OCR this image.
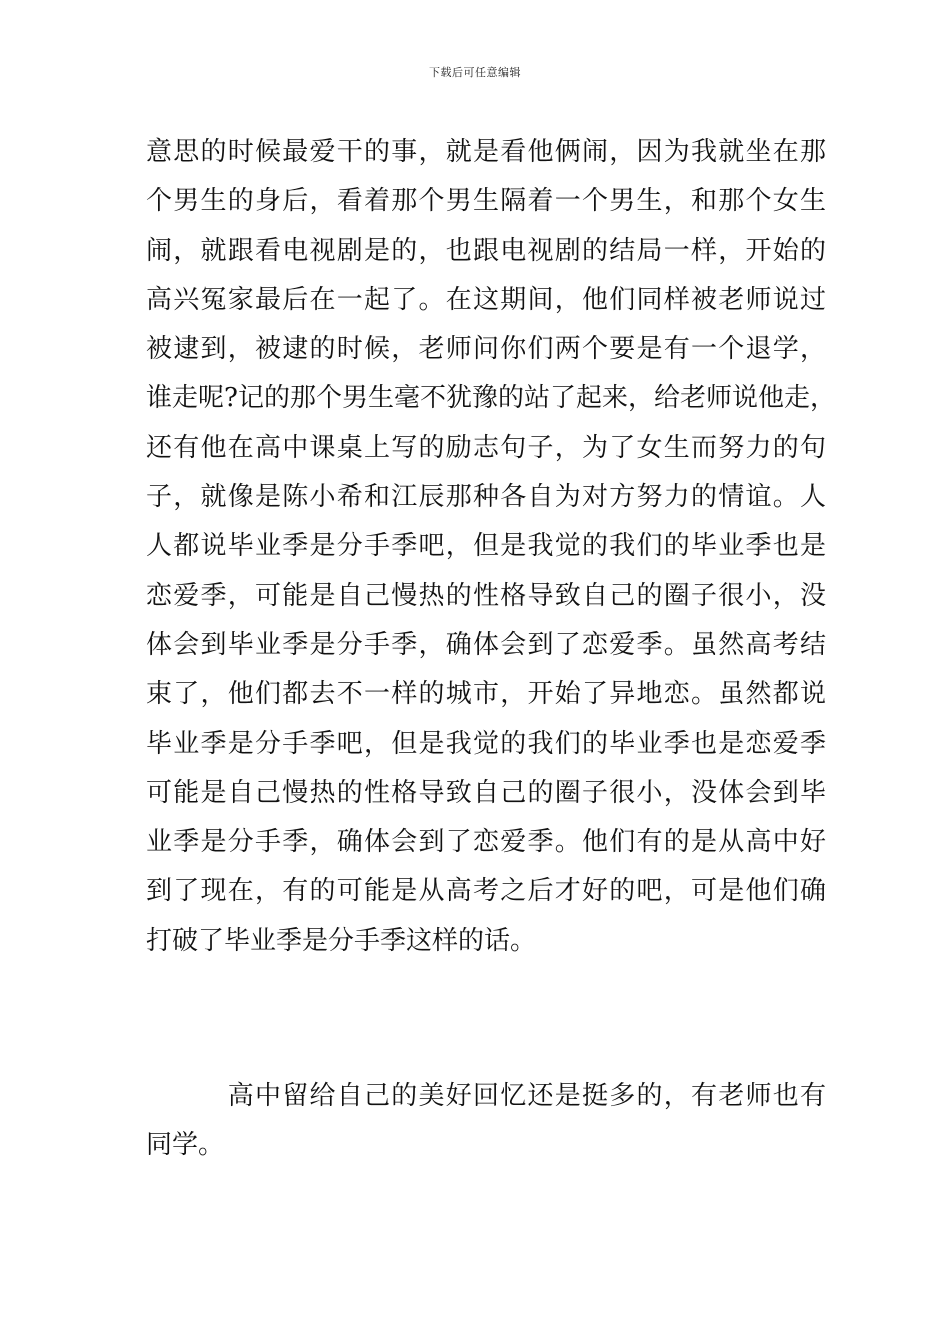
下载后可任意编辑
意思的时候最爱干的事，就是看他俩闹，因为我就坐在那
个男生的身后，看着那个男生隔着一个男生，和那个女生
闹，就跟看电视剧是的，也跟电视剧的结局一样，开始的
高兴冤家最后在一起了。在这期间，他们同样被老师说过
被逮到，被逮的时候，老师问你们两个要是有一个退学，
谁走呢?记的那个男生毫不犹豫的站了起来，给老师说他走，
还有他在高中课桌上写的励志句子，为了女生而努力的句
子，就像是陈小希和江辰那种各自为对方努力的情谊。人
人都说毕业季是分手季吧，但是我觉的我们的毕业季也是
恋爱季，可能是自己慢热的性格导致自己的圈子很小，没
体会到毕业季是分手季，确体会到了恋爱季。虽然高考结
束了，他们都去不一样的城市，开始了异地恋。虽然都说
毕业季是分手季吧，但是我觉的我们的毕业季也是恋爱季
可能是自己慢热的性格导致自己的圈子很小，没体会到毕
业季是分手季，确体会到了恋爱季。他们有的是从高中好
到了现在，有的可能是从高考之后才好的吧，可是他们确
打破了毕业季是分手季这样的话。
　　　高中留给自己的美好回忆还是挺多的，有老师也有
同学。
